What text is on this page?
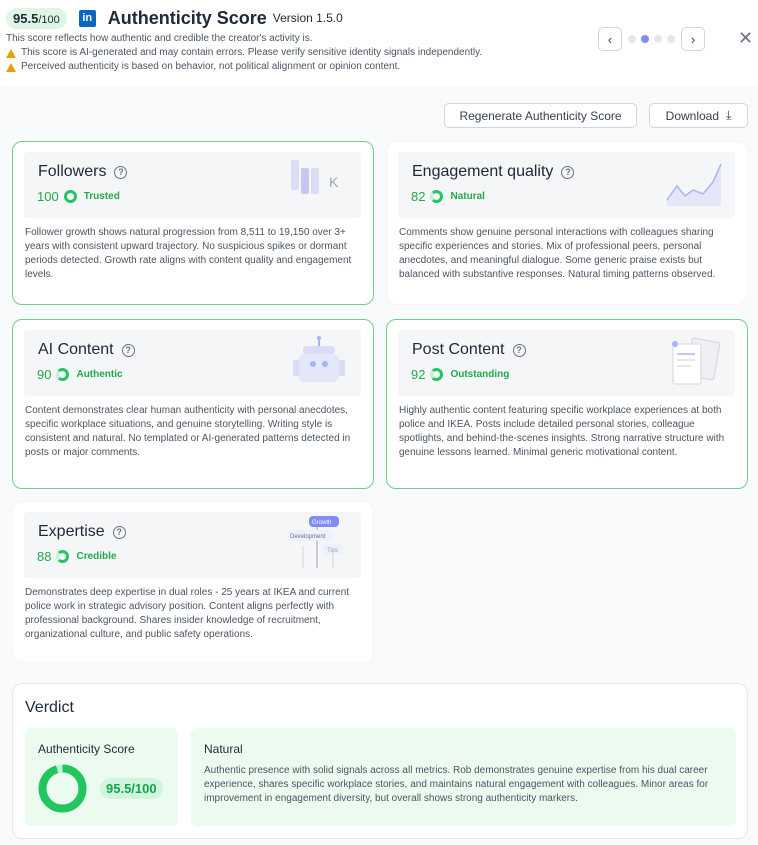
95.5 /100	in Authenticity Score Version 1.5.0
This score reflects how authentic and credible the creator's activity is.
This score is AI-generated and may contain errors. Please verify sensitive identity signals independently.
Perceived authenticity is based on behavior, not political alignment or opinion content.
‹	›	✕
Regenerate Authenticity Score	Download ⤓
Followers	?
100	Trusted
K
Follower growth shows natural progression from 8,511 to 19,150 over 3+ years with consistent upward trajectory. No suspicious spikes or dormant periods detected. Growth rate aligns with content quality and engagement levels.
Engagement quality	?
82	Natural
Comments show genuine personal interactions with colleagues sharing specific experiences and stories. Mix of professional peers, personal anecdotes, and meaningful dialogue. Some generic praise exists but balanced with substantive responses. Natural timing patterns observed.
AI Content	?
90	Authentic
Content demonstrates clear human authenticity with personal anecdotes, specific workplace situations, and genuine storytelling. Writing style is consistent and natural. No templated or AI-generated patterns detected in posts or major comments.
Post Content	?
92	Outstanding
Highly authentic content featuring specific workplace experiences at both police and IKEA. Posts include detailed personal stories, colleague spotlights, and behind-the-scenes insights. Strong narrative structure with genuine lessons learned. Minimal generic motivational content.
Expertise	?
88	Credible
Growth
Development
Tips
Demonstrates deep expertise in dual roles - 25 years at IKEA and current police work in strategic advisory position. Content aligns perfectly with professional background. Shares insider knowledge of recruitment, organizational culture, and public safety operations.
Verdict
Authenticity Score
95.5/100
Natural
Authentic presence with solid signals across all metrics. Rob demonstrates genuine expertise from his dual career experience, shares specific workplace stories, and maintains natural engagement with colleagues. Minor areas for improvement in engagement diversity, but overall shows strong authenticity markers.
